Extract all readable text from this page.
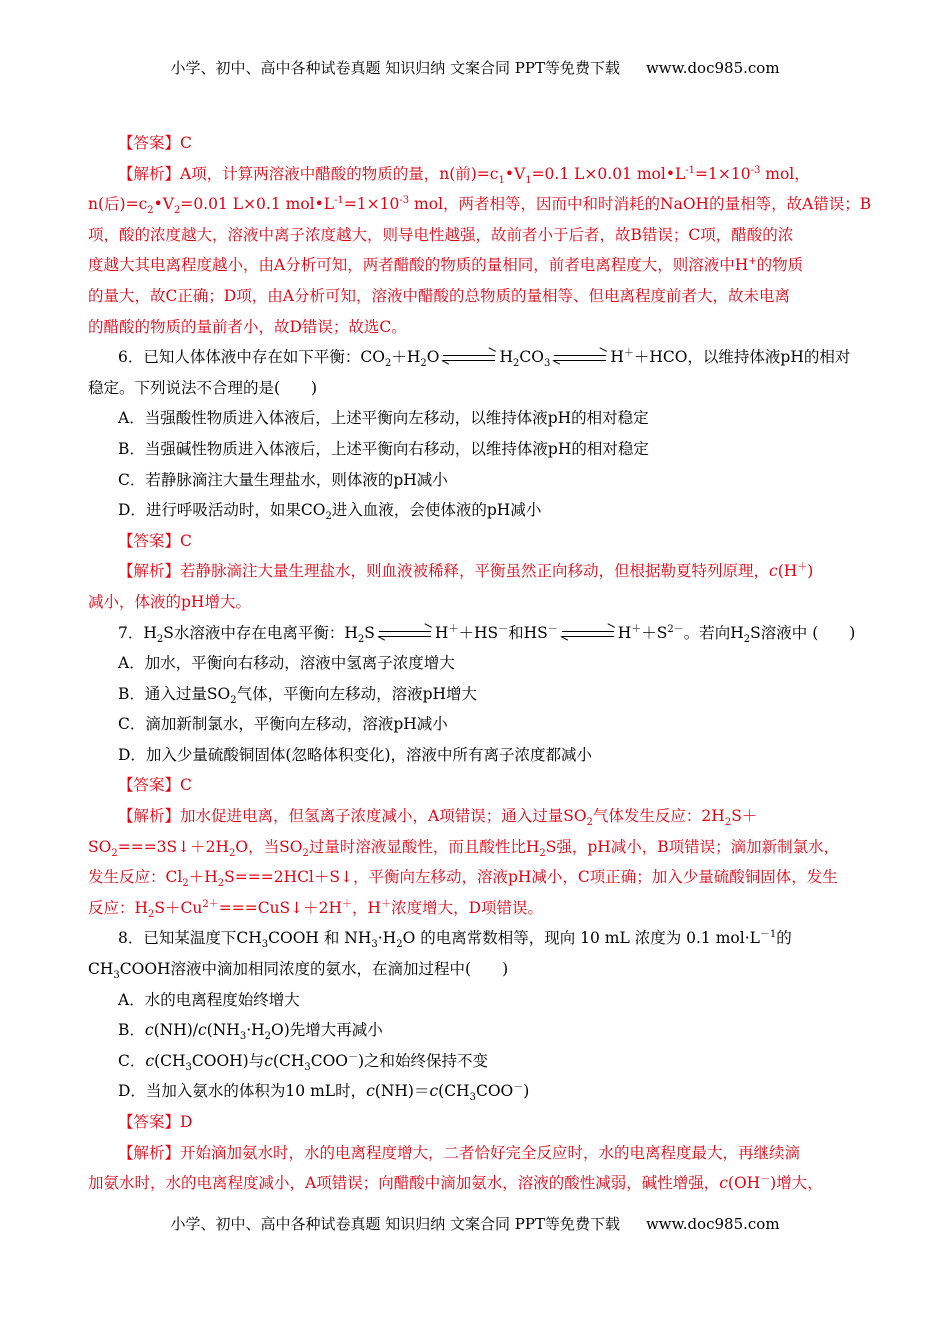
小学、初中、高中各种试卷真题 知识归纳 文案合同 PPT等免费下载 www.doc985.com
【答案】C
【解析】A项，计算两溶液中醋酸的物质的量，n(前)$=c_1•V_1=0.1$ L×0.01 $mol•L^{-1}=1\times 10^{-3}$ mol，
n(后)$=c_2•V_2=0.01$ L×0.1 $mol•L^{-1}=1\times 10^{-3}$ mol，两者相等，因而中和时消耗的NaOH的量相等，故A错误；B
项，酸的浓度越大，溶液中离子浓度越大，则导电性越强，故前者小于后者，故B错误；C项，醋酸的浓
度越大其电离程度越小，由A分析可知，两者醋酸的物质的量相同，前者电离程度大，则溶液中H+的物质
的量大，故C正确；D项，由A分析可知，溶液中醋酸的总物质的量相等、但电离程度前者大，故未电离
的醋酸的物质的量前者小，故D错误；故选C。
6．已知人体体液中存在如下平衡：$CO_2+H_2O$	$H_2CO_3$	H＋＋HCO，以维持体液pH的相对
稳定。下列说法不合理的是(　　)
A．当强酸性物质进入体液后，上述平衡向左移动，以维持体液pH的相对稳定
B．当强碱性物质进入体液后，上述平衡向右移动，以维持体液pH的相对稳定
C．若静脉滴注大量生理盐水，则体液的pH减小
D．进行呼吸活动时，如果$CO_2$进入血液，会使体液的pH减小
【答案】C
【解析】若静脉滴注大量生理盐水，则血液被稀释，平衡虽然正向移动，但根据勒夏特列原理，c(H＋)
减小，体液的pH增大。
7．$H_2S$水溶液中存在电离平衡：$H_2S$	H＋＋HS－和HS－	$H^++S^{2-}$。若向$H_2S$溶液中 (　　)
A．加水，平衡向右移动，溶液中氢离子浓度增大
B．通入过量$SO_2$气体，平衡向左移动，溶液pH增大
C．滴加新制氯水，平衡向左移动，溶液pH减小
D．加入少量硫酸铜固体(忽略体积变化)，溶液中所有离子浓度都减小
【答案】C
【解析】加水促进电离，但氢离子浓度减小，A项错误；通入过量$SO_2$气体发生反应：$2H_2S+$
$SO_2===3S↓+2H_2O$，当$SO_2$过量时溶液显酸性，而且酸性比$H_2S$强，pH减小，B项错误；滴加新制氯水，
发生反应：$Cl_2+H_2S===2HCl+S↓$，平衡向左移动，溶液pH减小，C项正确；加入少量硫酸铜固体，发生
反应：$H_2S+Cu^{2+}===CuS↓+2H^+$，H＋浓度增大，D项错误。
8．已知某温度下$CH_3COOH$ 和 $NH_3\cdot H_2O$ 的电离常数相等，现向 10 mL 浓度为 0.1 $mol\cdot L^{-1}$的
$CH_3COOH$溶液中滴加相同浓度的氨水，在滴加过程中(　　)
A．水的电离程度始终增大
B．$c(NH)/c(NH_3\cdot H_2O)$先增大再减小
C．$c(CH_3COOH)$与$c(CH_3COO^-)$之和始终保持不变
D．当加入氨水的体积为10 mL时，$c(NH)=c(CH_3COO^-)$
【答案】D
【解析】开始滴加氨水时，水的电离程度增大，二者恰好完全反应时，水的电离程度最大，再继续滴
加氨水时，水的电离程度减小，A项错误；向醋酸中滴加氨水，溶液的酸性减弱，碱性增强，c(OH－)增大，
小学、初中、高中各种试卷真题 知识归纳 文案合同 PPT等免费下载 www.doc985.com
